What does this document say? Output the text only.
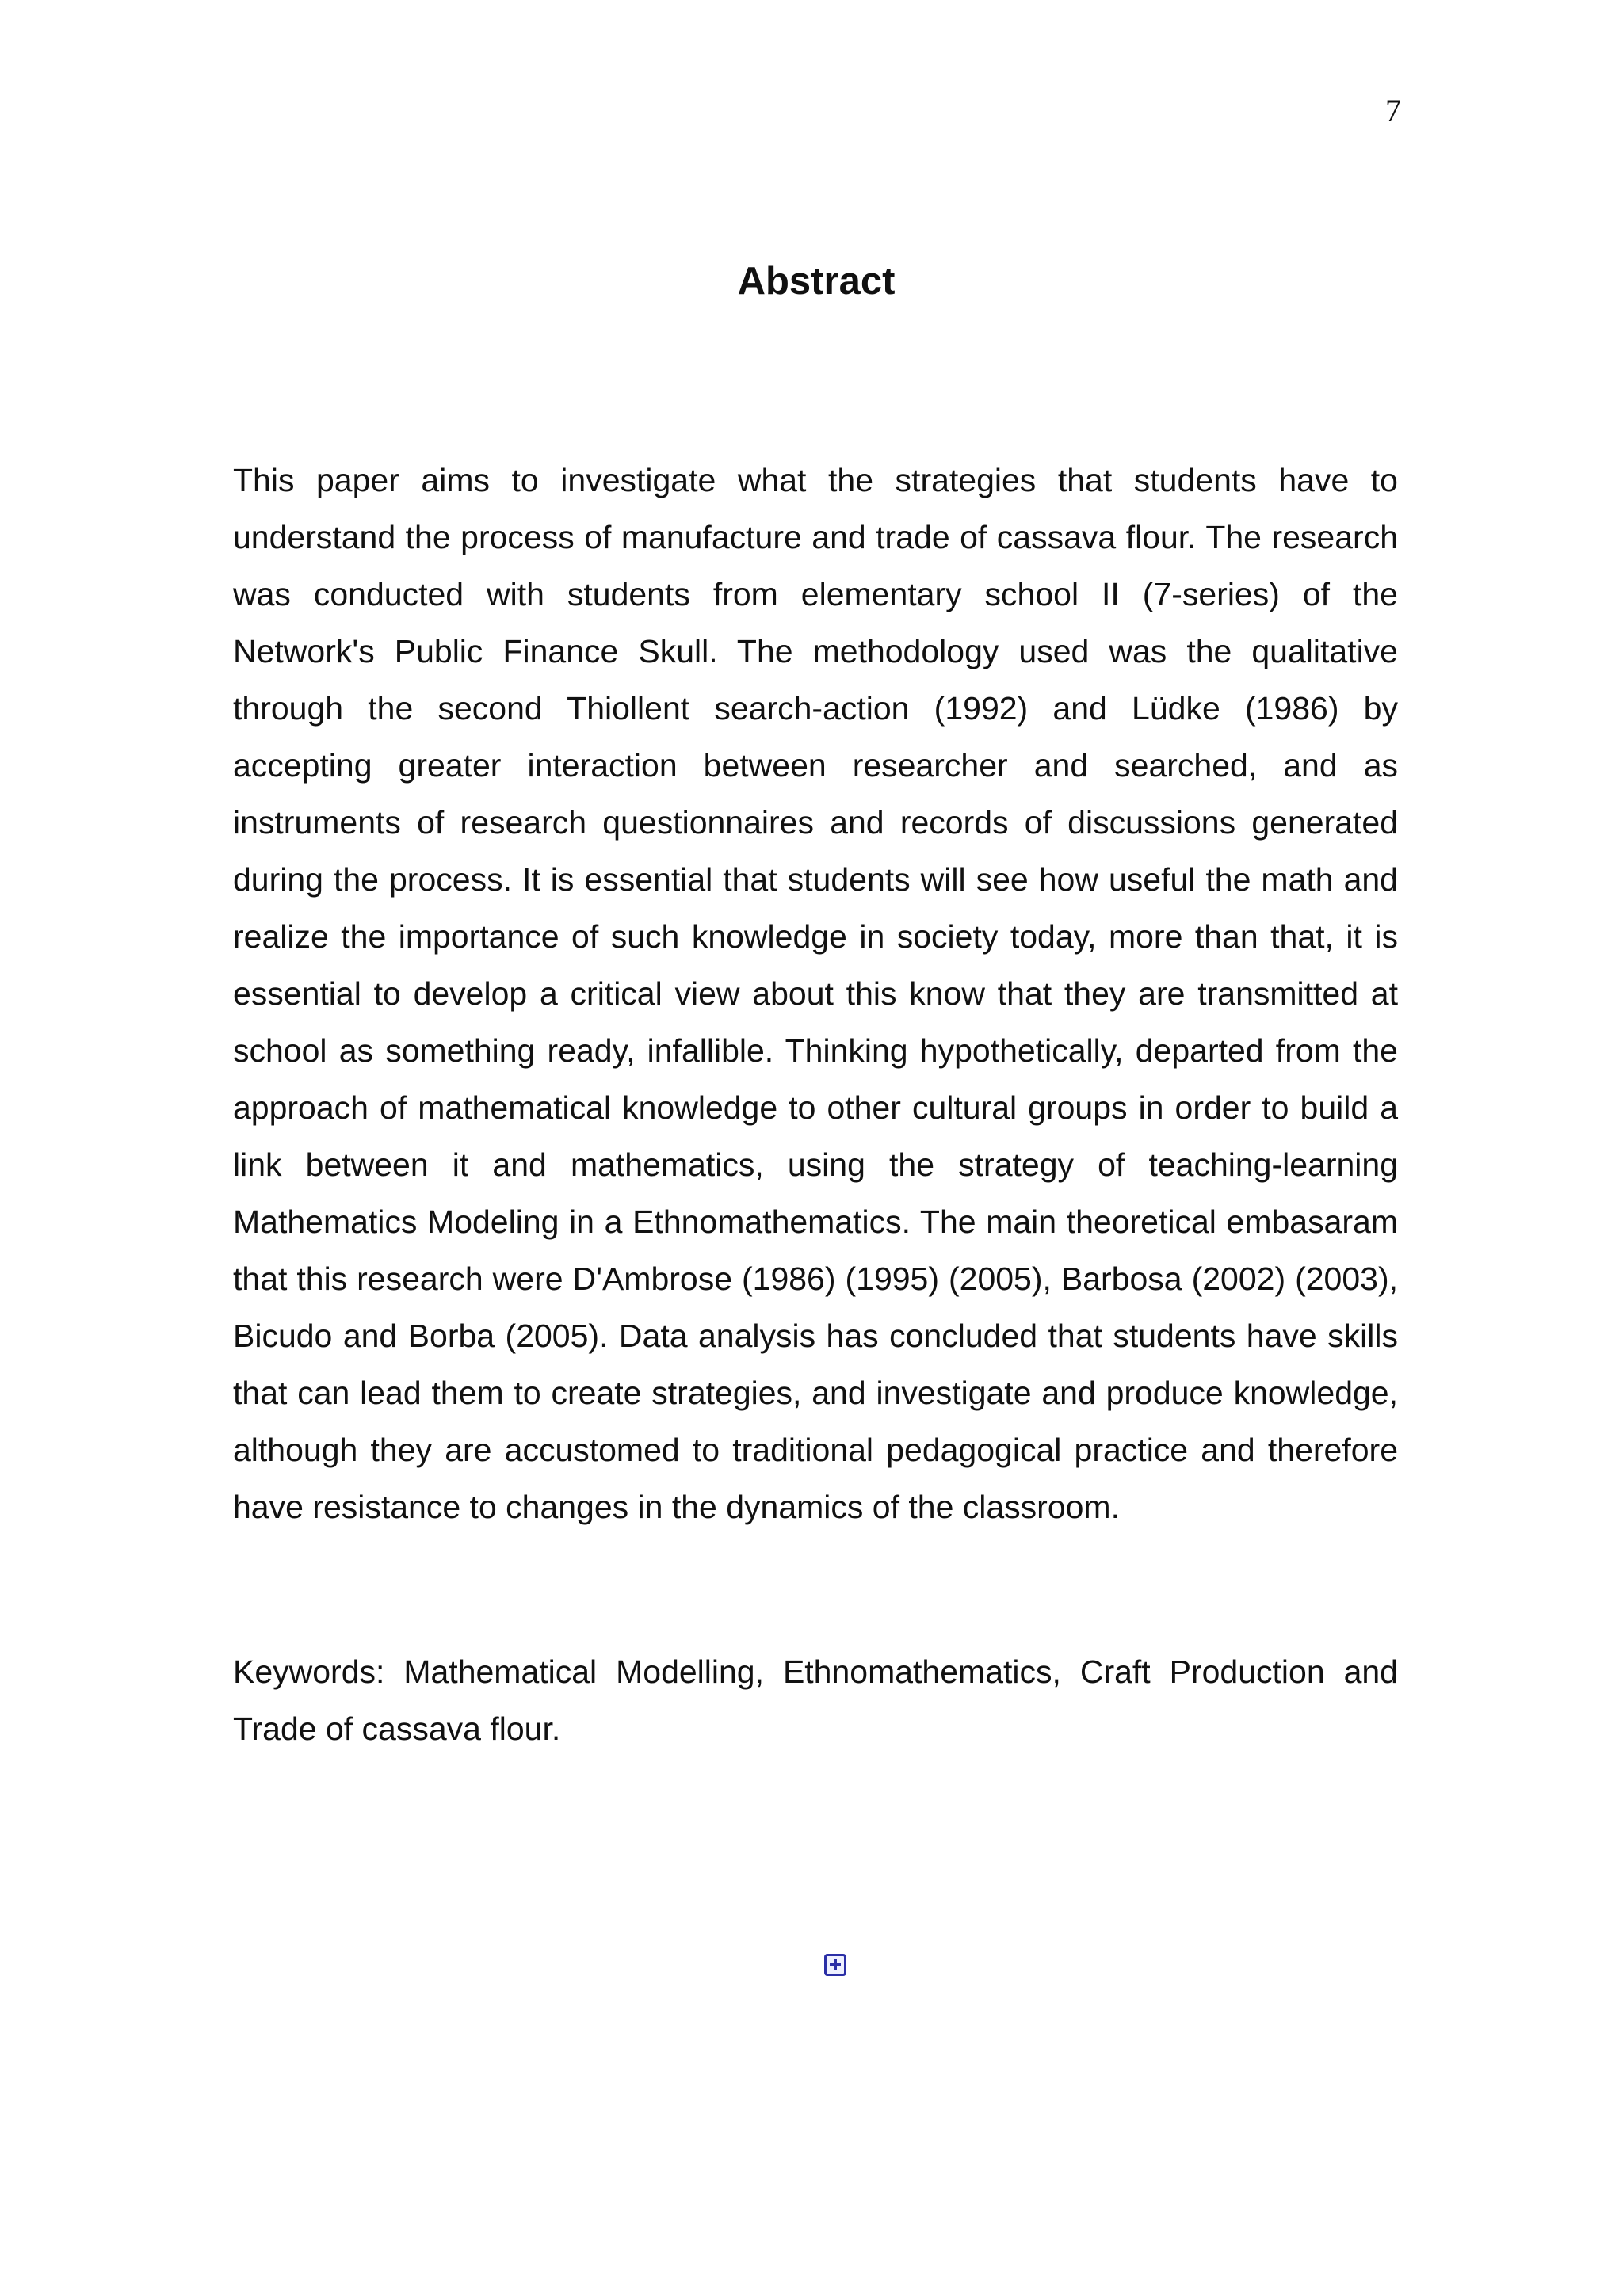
7
Abstract

This paper aims to investigate what the strategies that students have to understand the process of manufacture and trade of cassava flour. The research was conducted with students from elementary school II (7-series) of the Network's Public Finance Skull. The methodology used was the qualitative through the second Thiollent search-action (1992) and Lüdke (1986) by accepting greater interaction between researcher and searched, and as instruments of research questionnaires and records of discussions generated during the process. It is essential that students will see how useful the math and realize the importance of such knowledge in society today, more than that, it is essential to develop a critical view about this know that they are transmitted at school as something ready, infallible. Thinking hypothetically, departed from the approach of mathematical knowledge to other cultural groups in order to build a link between it and mathematics, using the strategy of teaching-learning Mathematics Modeling in a Ethnomathematics. The main theoretical embasaram that this research were D'Ambrose (1986) (1995) (2005), Barbosa (2002) (2003), Bicudo and Borba (2005). Data analysis has concluded that students have skills that can lead them to create strategies, and investigate and produce knowledge, although they are accustomed to traditional pedagogical practice and therefore have resistance to changes in the dynamics of the classroom.

Keywords: Mathematical Modelling, Ethnomathematics, Craft Production and Trade of cassava flour.
